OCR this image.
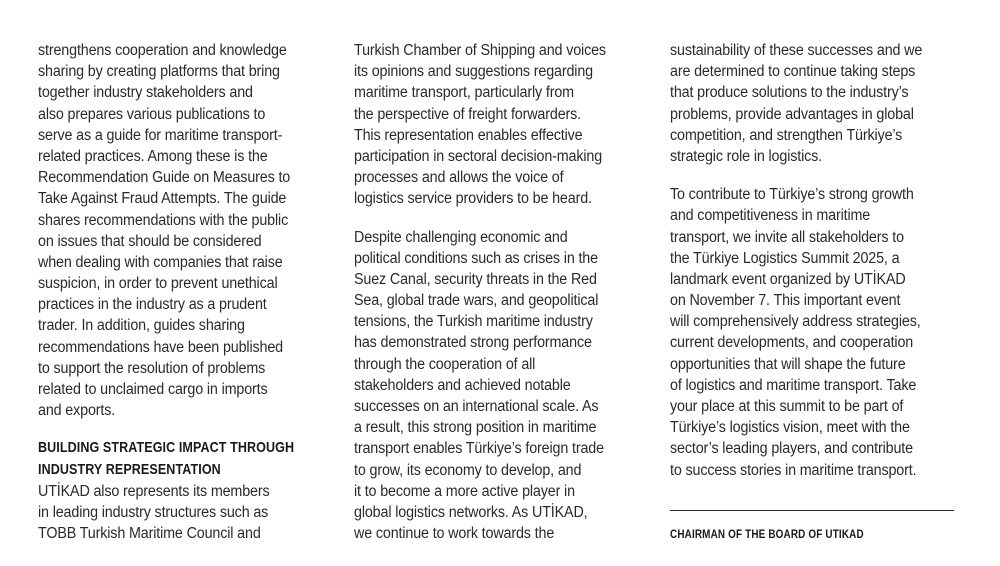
strengthens cooperation and knowledge
sharing by creating platforms that bring
together industry stakeholders and
also prepares various publications to
serve as a guide for maritime transport-
related practices. Among these is the
Recommendation Guide on Measures to
Take Against Fraud Attempts. The guide
shares recommendations with the public
on issues that should be considered
when dealing with companies that raise
suspicion, in order to prevent unethical
practices in the industry as a prudent
trader. In addition, guides sharing
recommendations have been published
to support the resolution of problems
related to unclaimed cargo in imports
and exports.
BUILDING STRATEGIC IMPACT THROUGH
INDUSTRY REPRESENTATION
UTİKAD also represents its members
in leading industry structures such as
TOBB Turkish Maritime Council and
Turkish Chamber of Shipping and voices
its opinions and suggestions regarding
maritime transport, particularly from
the perspective of freight forwarders.
This representation enables effective
participation in sectoral decision-making
processes and allows the voice of
logistics service providers to be heard.
Despite challenging economic and
political conditions such as crises in the
Suez Canal, security threats in the Red
Sea, global trade wars, and geopolitical
tensions, the Turkish maritime industry
has demonstrated strong performance
through the cooperation of all
stakeholders and achieved notable
successes on an international scale. As
a result, this strong position in maritime
transport enables Türkiye’s foreign trade
to grow, its economy to develop, and
it to become a more active player in
global logistics networks. As UTİKAD,
we continue to work towards the
sustainability of these successes and we
are determined to continue taking steps
that produce solutions to the industry’s
problems, provide advantages in global
competition, and strengthen Türkiye’s
strategic role in logistics.
To contribute to Türkiye’s strong growth
and competitiveness in maritime
transport, we invite all stakeholders to
the Türkiye Logistics Summit 2025, a
landmark event organized by UTİKAD
on November 7. This important event
will comprehensively address strategies,
current developments, and cooperation
opportunities that will shape the future
of logistics and maritime transport. Take
your place at this summit to be part of
Türkiye’s logistics vision, meet with the
sector’s leading players, and contribute
to success stories in maritime transport.
CHAIRMAN OF THE BOARD OF UTIKAD
